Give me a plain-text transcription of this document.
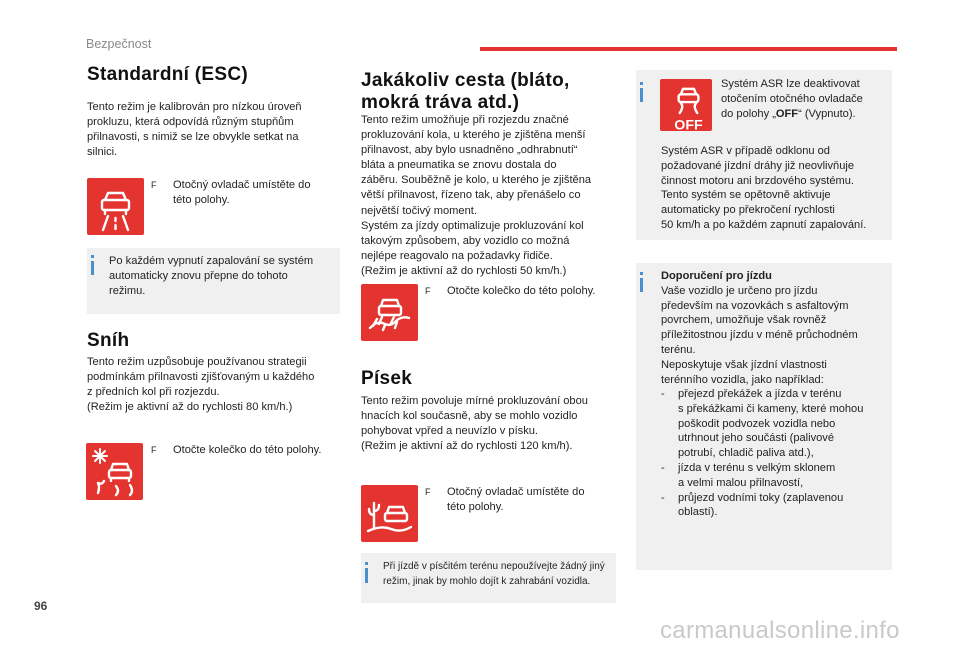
Bezpečnost
Standardní (ESC)
Tento režim je kalibrován pro nízkou úroveň
prokluzu, která odpovídá různým stupňům
přilnavosti, s nimiž se lze obvykle setkat na
silnici.
F Otočný ovladač umístěte do
této polohy.
Po každém vypnutí zapalování se systém
automaticky znovu přepne do tohoto
režimu.
Sníh
Tento režim uzpůsobuje používanou strategii
podmínkám přilnavosti zjišťovaným u každého
z předních kol při rozjezdu.
(Režim je aktivní až do rychlosti 80 km/h.)
F Otočte kolečko do této polohy.
Jakákoliv cesta (bláto,
mokrá tráva atd.)
Tento režim umožňuje při rozjezdu značné
prokluzování kola, u kterého je zjištěna menší
přilnavost, aby bylo usnadněno „odhrabnutí“
bláta a pneumatika se znovu dostala do
záběru. Souběžně je kolo, u kterého je zjištěna
větší přilnavost, řízeno tak, aby přenášelo co
největší točivý moment.
Systém za jízdy optimalizuje prokluzování kol
takovým způsobem, aby vozidlo co možná
nejlépe reagovalo na požadavky řidiče.
(Režim je aktivní až do rychlosti 50 km/h.)
F Otočte kolečko do této polohy.
Písek
Tento režim povoluje mírné prokluzování obou
hnacích kol současně, aby se mohlo vozidlo
pohybovat vpřed a neuvízlo v písku.
(Režim je aktivní až do rychlosti 120 km/h).
F Otočný ovladač umístěte do
této polohy.
Při jízdě v písčitém terénu nepoužívejte žádný jiný
režim, jinak by mohlo dojít k zahrabání vozidla.
OFF
Systém ASR lze deaktivovat
otočením otočného ovladače
do polohy „OFF“ (Vypnuto).
Systém ASR v případě odklonu od
požadované jízdní dráhy již neovlivňuje
činnost motoru ani brzdového systému.
Tento systém se opětovně aktivuje
automaticky po překročení rychlosti
50 km/h a po každém zapnutí zapalování.
Doporučení pro jízdu
Vaše vozidlo je určeno pro jízdu
především na vozovkách s asfaltovým
povrchem, umožňuje však rovněž
příležitostnou jízdu v méně průchodném
terénu.
Neposkytuje však jízdní vlastnosti
terénního vozidla, jako například:
- přejezd překážek a jízda v terénu
s překážkami či kameny, které mohou
poškodit podvozek vozidla nebo
utrhnout jeho součásti (palivové
potrubí, chladič paliva atd.),
- jízda v terénu s velkým sklonem
a velmi malou přilnavostí,
- průjezd vodními toky (zaplavenou
oblastí).
96
carmanualsonline.info
